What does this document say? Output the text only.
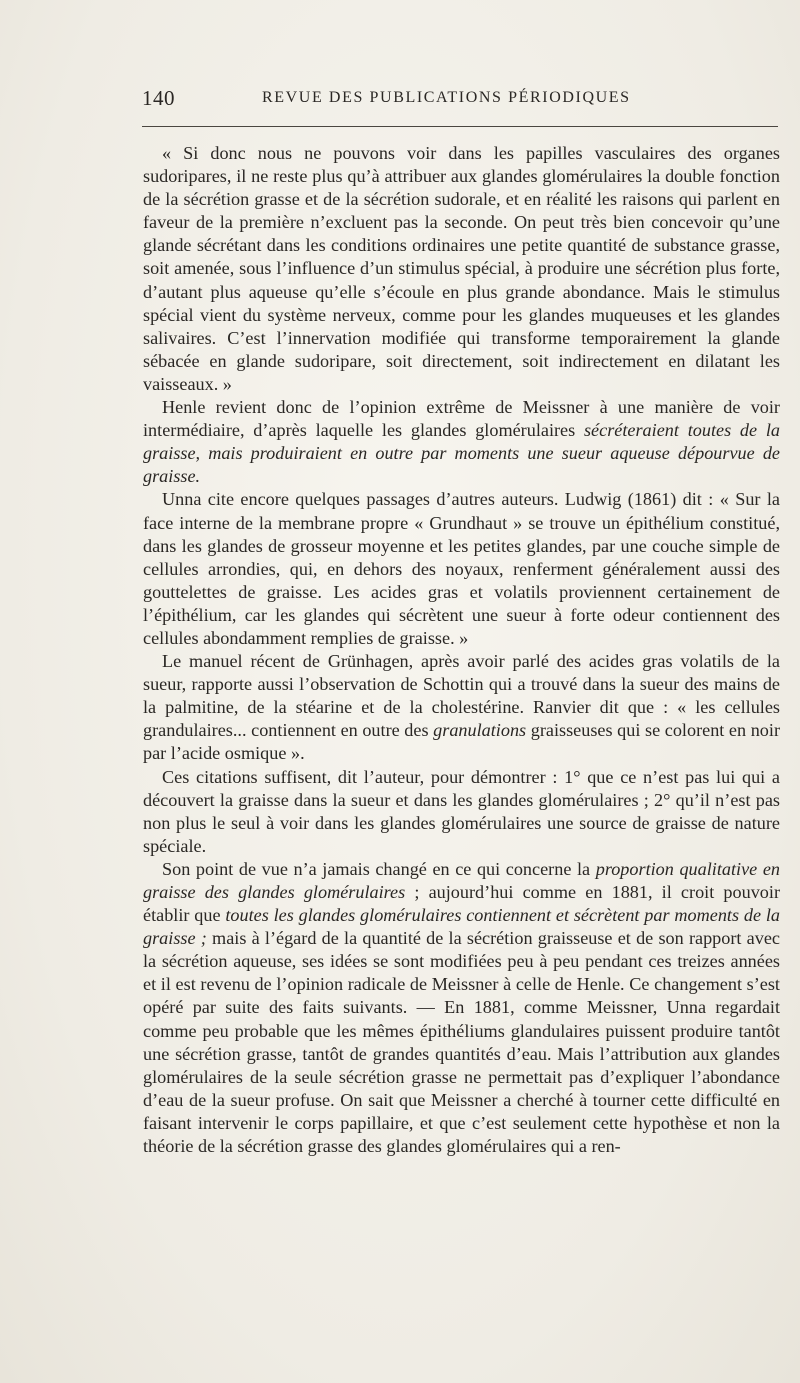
140	REVUE DES PUBLICATIONS PÉRIODIQUES

« Si donc nous ne pouvons voir dans les papilles vasculaires des organes sudoripares, il ne reste plus qu’à attribuer aux glandes glomérulaires la double fonction de la sécrétion grasse et de la sécrétion sudorale, et en réalité les raisons qui parlent en faveur de la première n’excluent pas la seconde. On peut très bien concevoir qu’une glande sécrétant dans les conditions ordinaires une petite quantité de substance grasse, soit amenée, sous l’influence d’un stimulus spécial, à produire une sécrétion plus forte, d’autant plus aqueuse qu’elle s’écoule en plus grande abondance. Mais le stimulus spécial vient du système nerveux, comme pour les glandes muqueuses et les glandes salivaires. C’est l’innervation modifiée qui transforme temporairement la glande sébacée en glande sudoripare, soit directement, soit indirectement en dilatant les vaisseaux. »

Henle revient donc de l’opinion extrême de Meissner à une manière de voir intermédiaire, d’après laquelle les glandes glomérulaires sécréteraient toutes de la graisse, mais produiraient en outre par moments une sueur aqueuse dépourvue de graisse.

Unna cite encore quelques passages d’autres auteurs. Ludwig (1861) dit : « Sur la face interne de la membrane propre « Grundhaut » se trouve un épithélium constitué, dans les glandes de grosseur moyenne et les petites glandes, par une couche simple de cellules arrondies, qui, en dehors des noyaux, renferment généralement aussi des gouttelettes de graisse. Les acides gras et volatils proviennent certainement de l’épithélium, car les glandes qui sécrètent une sueur à forte odeur contiennent des cellules abondamment remplies de graisse. »

Le manuel récent de Grünhagen, après avoir parlé des acides gras volatils de la sueur, rapporte aussi l’observation de Schottin qui a trouvé dans la sueur des mains de la palmitine, de la stéarine et de la cholestérine. Ranvier dit que : « les cellules grandulaires... contiennent en outre des granulations graisseuses qui se colorent en noir par l’acide osmique ».

Ces citations suffisent, dit l’auteur, pour démontrer : 1° que ce n’est pas lui qui a découvert la graisse dans la sueur et dans les glandes glomérulaires ; 2° qu’il n’est pas non plus le seul à voir dans les glandes glomérulaires une source de graisse de nature spéciale.

Son point de vue n’a jamais changé en ce qui concerne la proportion qualitative en graisse des glandes glomérulaires ; aujourd’hui comme en 1881, il croit pouvoir établir que toutes les glandes glomérulaires contiennent et sécrètent par moments de la graisse ; mais à l’égard de la quantité de la sécrétion graisseuse et de son rapport avec la sécrétion aqueuse, ses idées se sont modifiées peu à peu pendant ces treizes années et il est revenu de l’opinion radicale de Meissner à celle de Henle. Ce changement s’est opéré par suite des faits suivants. — En 1881, comme Meissner, Unna regardait comme peu probable que les mêmes épithéliums glandulaires puissent produire tantôt une sécrétion grasse, tantôt de grandes quantités d’eau. Mais l’attribution aux glandes glomérulaires de la seule sécrétion grasse ne permettait pas d’expliquer l’abondance d’eau de la sueur profuse. On sait que Meissner a cherché à tourner cette difficulté en faisant intervenir le corps papillaire, et que c’est seulement cette hypothèse et non la théorie de la sécrétion grasse des glandes glomérulaires qui a ren-
